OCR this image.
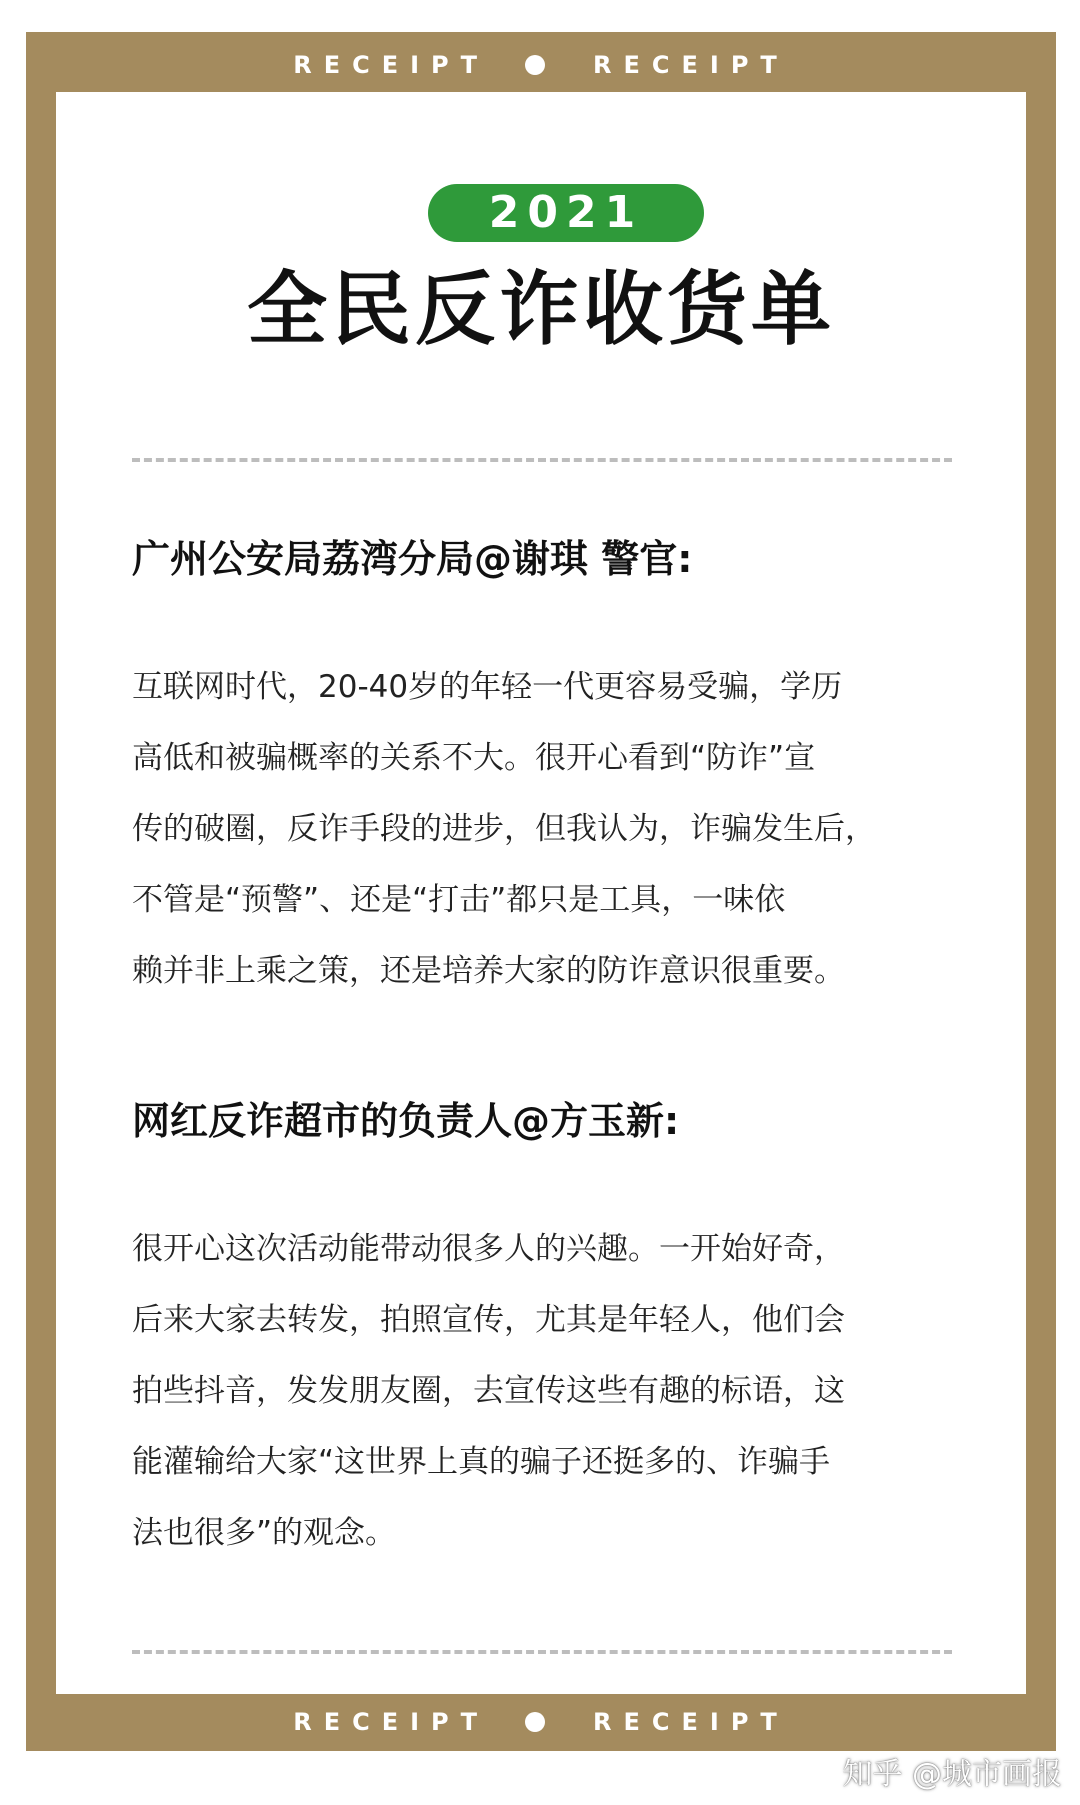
RECEIPT	RECEIPT
2021
全民反诈收货单
广州公安局荔湾分局@谢琪 警官:
互联网时代，20-40岁的年轻一代更容易受骗，学历
高低和被骗概率的关系不大。很开心看到“防诈”宣
传的破圈，反诈手段的进步，但我认为，诈骗发生后，
不管是“预警”、还是“打击”都只是工具，一味依
赖并非上乘之策，还是培养大家的防诈意识很重要。
网红反诈超市的负责人@方玉新:
很开心这次活动能带动很多人的兴趣。一开始好奇，
后来大家去转发，拍照宣传，尤其是年轻人，他们会
拍些抖音，发发朋友圈，去宣传这些有趣的标语，这
能灌输给大家“这世界上真的骗子还挺多的、诈骗手
法也很多”的观念。
RECEIPT	RECEIPT
知乎 @城市画报
